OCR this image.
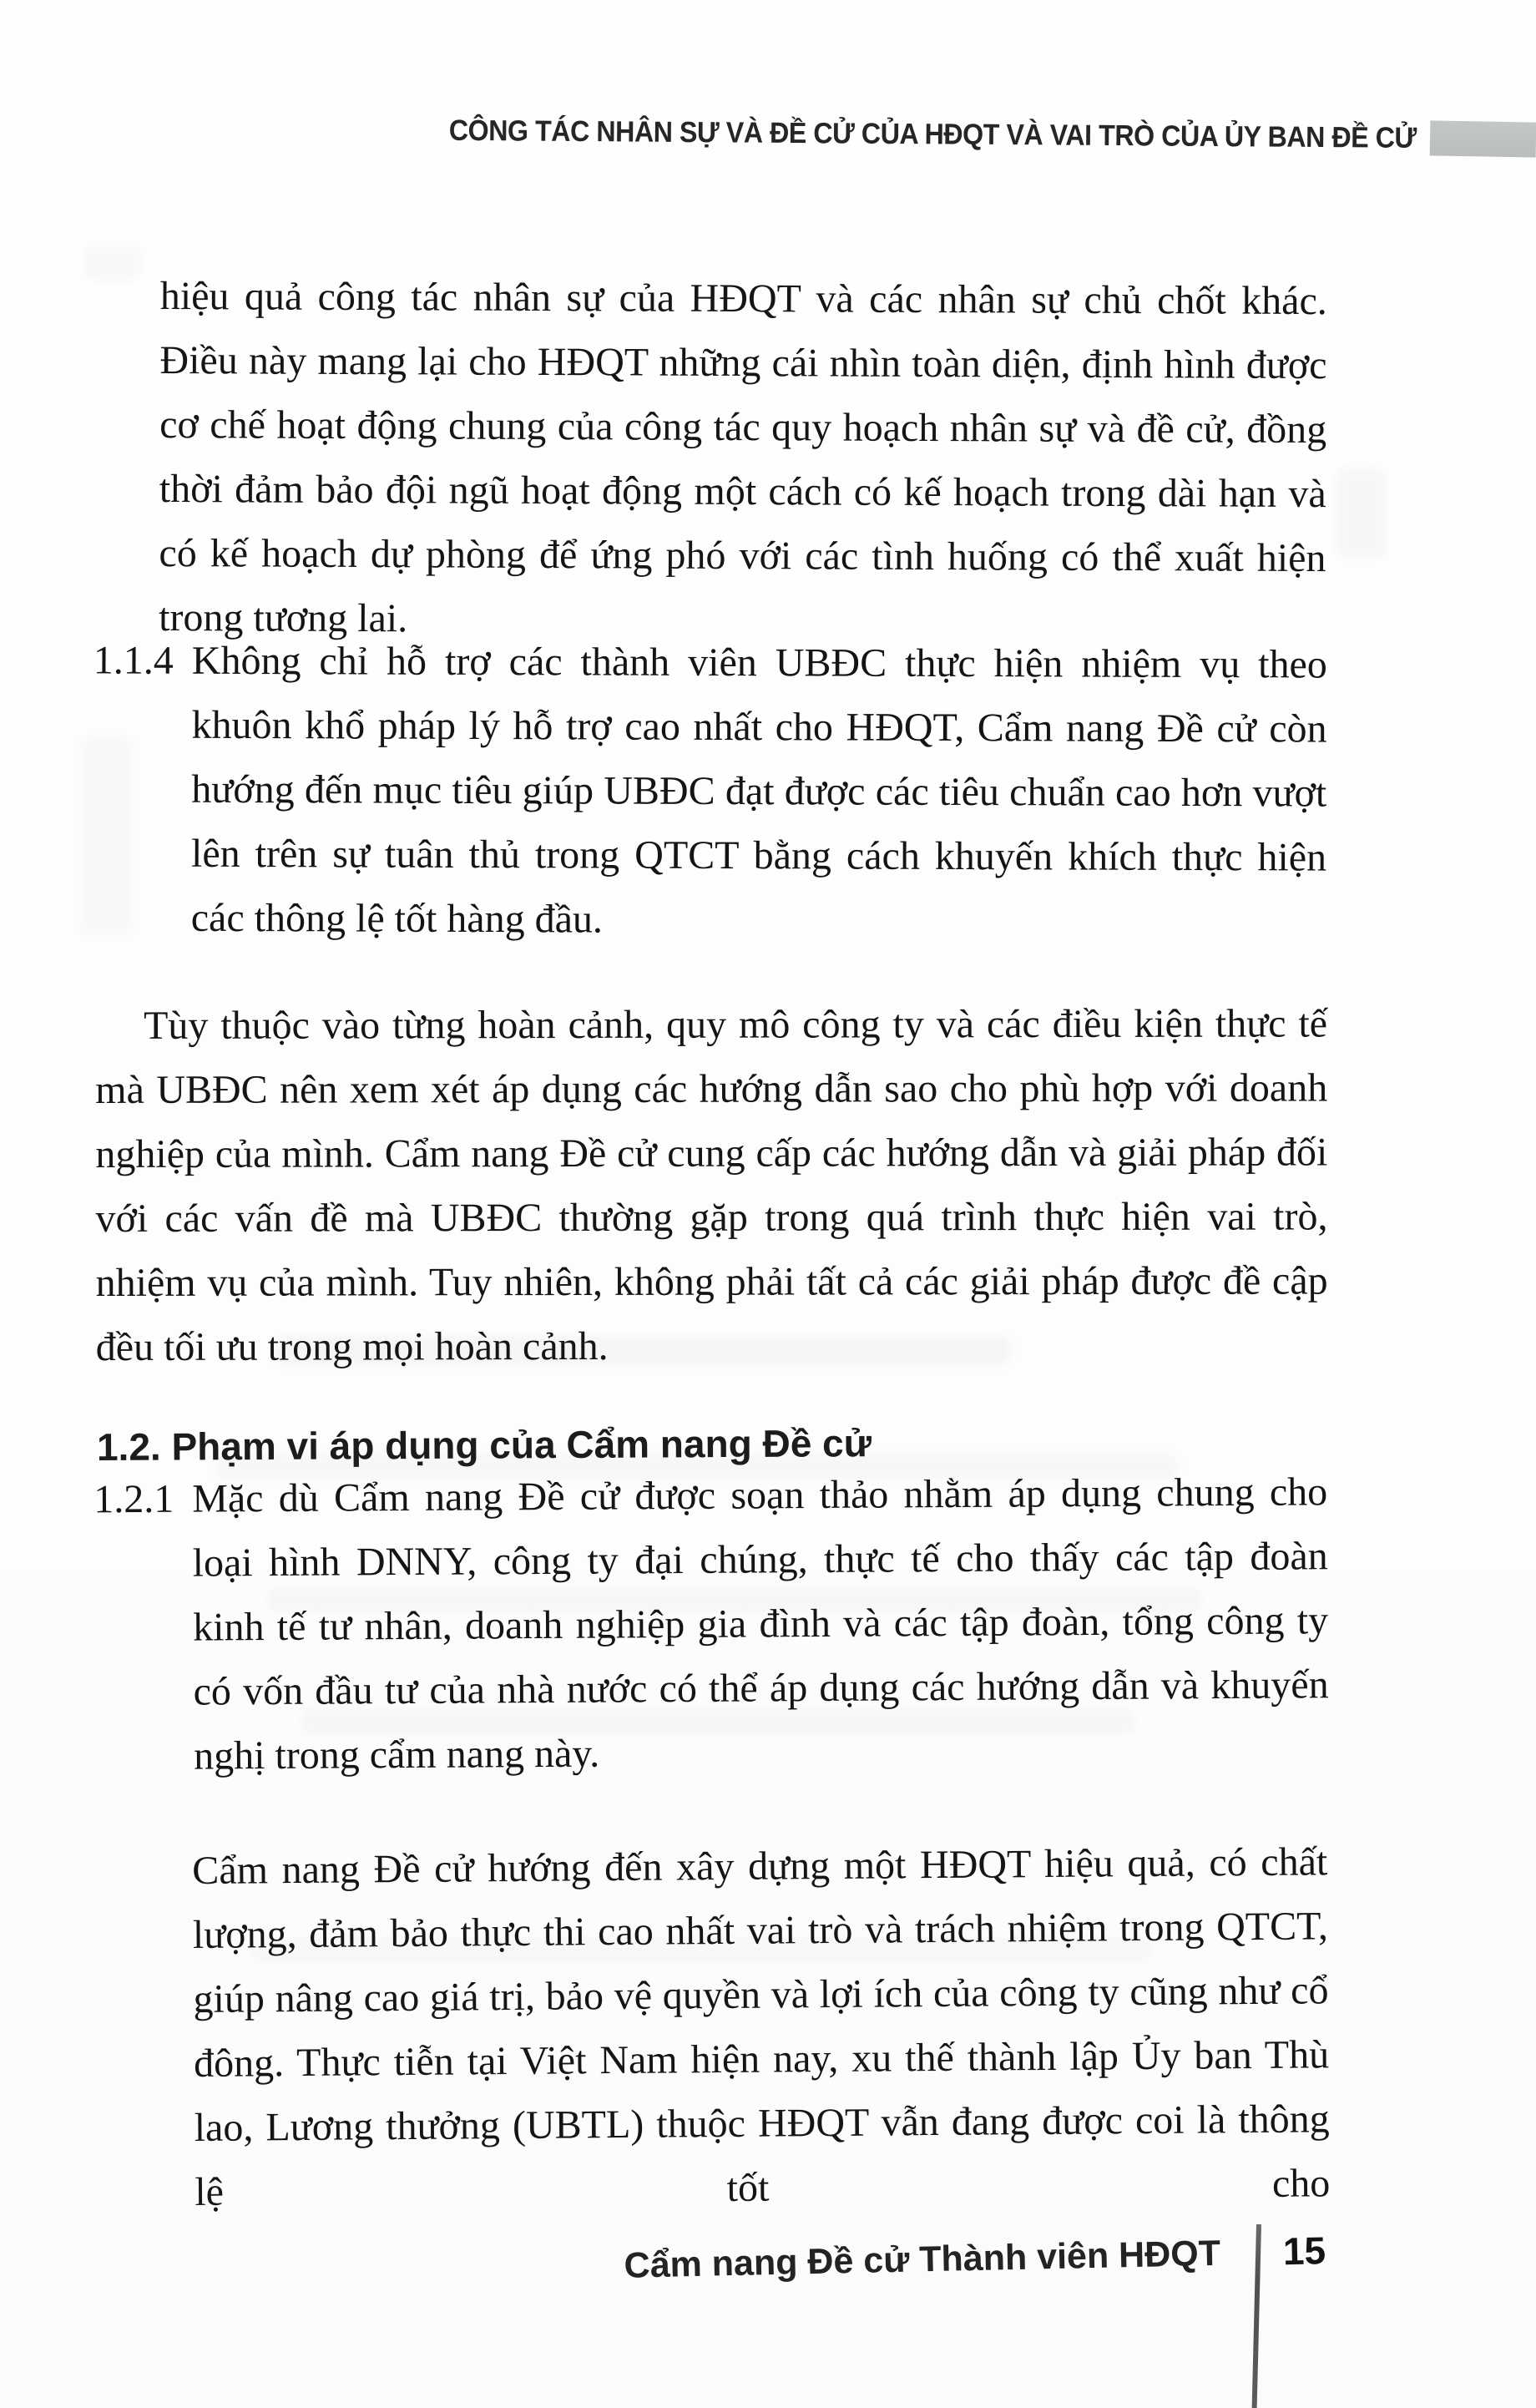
CÔNG TÁC NHÂN SỰ VÀ ĐỀ CỬ CỦA HĐQT VÀ VAI TRÒ CỦA ỦY BAN ĐỀ CỬ

hiệu quả công tác nhân sự của HĐQT và các nhân sự chủ chốt khác. Điều này mang lại cho HĐQT những cái nhìn toàn diện, định hình được cơ chế hoạt động chung của công tác quy hoạch nhân sự và đề cử, đồng thời đảm bảo đội ngũ hoạt động một cách có kế hoạch trong dài hạn và có kế hoạch dự phòng để ứng phó với các tình huống có thể xuất hiện trong tương lai.

1.1.4 Không chỉ hỗ trợ các thành viên UBĐC thực hiện nhiệm vụ theo khuôn khổ pháp lý hỗ trợ cao nhất cho HĐQT, Cẩm nang Đề cử còn hướng đến mục tiêu giúp UBĐC đạt được các tiêu chuẩn cao hơn vượt lên trên sự tuân thủ trong QTCT bằng cách khuyến khích thực hiện các thông lệ tốt hàng đầu.

Tùy thuộc vào từng hoàn cảnh, quy mô công ty và các điều kiện thực tế mà UBĐC nên xem xét áp dụng các hướng dẫn sao cho phù hợp với doanh nghiệp của mình. Cẩm nang Đề cử cung cấp các hướng dẫn và giải pháp đối với các vấn đề mà UBĐC thường gặp trong quá trình thực hiện vai trò, nhiệm vụ của mình. Tuy nhiên, không phải tất cả các giải pháp được đề cập đều tối ưu trong mọi hoàn cảnh.

1.2. Phạm vi áp dụng của Cẩm nang Đề cử
1.2.1 Mặc dù Cẩm nang Đề cử được soạn thảo nhằm áp dụng chung cho loại hình DNNY, công ty đại chúng, thực tế cho thấy các tập đoàn kinh tế tư nhân, doanh nghiệp gia đình và các tập đoàn, tổng công ty có vốn đầu tư của nhà nước có thể áp dụng các hướng dẫn và khuyến nghị trong cẩm nang này.

Cẩm nang Đề cử hướng đến xây dựng một HĐQT hiệu quả, có chất lượng, đảm bảo thực thi cao nhất vai trò và trách nhiệm trong QTCT, giúp nâng cao giá trị, bảo vệ quyền và lợi ích của công ty cũng như cổ đông. Thực tiễn tại Việt Nam hiện nay, xu thế thành lập Ủy ban Thù lao, Lương thưởng (UBTL) thuộc HĐQT vẫn đang được coi là thông lệ tốt cho

Cẩm nang Đề cử Thành viên HĐQT 15
